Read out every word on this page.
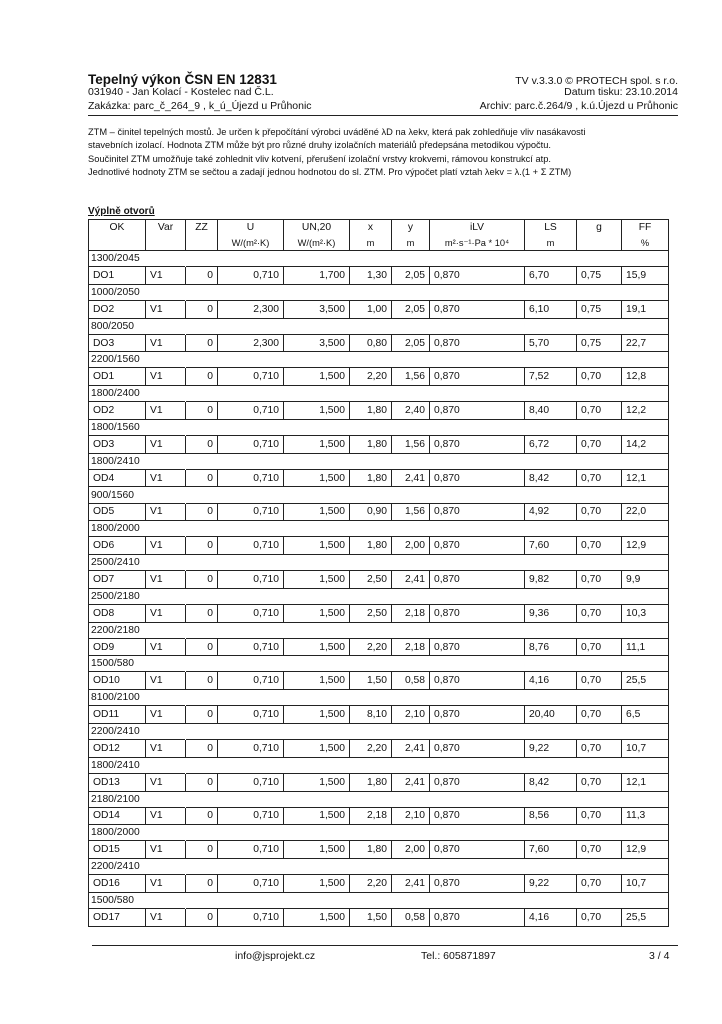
Tepelný výkon ČSN EN 12831	TV v.3.3.0 © PROTECH spol. s r.o.
031940 - Jan Kolací - Kostelec nad Č.L.	Datum tisku: 23.10.2014
Zakázka: parc_č_264_9 , k_ú_Újezd u Průhonic	Archiv: parc.č.264/9 , k.ú.Újezd u Průhonic

ZTM – činitel tepelných mostů. Je určen k přepočítání výrobci uváděné λD na λekv, která pak zohledňuje vliv nasákavosti

stavebních izolací. Hodnota ZTM může být pro různé druhy izolačních materiálů předepsána metodikou výpočtu.

Součinitel ZTM umožňuje také zohlednit vliv kotvení, přerušení izolační vrstvy krokvemi, rámovou konstrukcí atp.

Jednotlivé hodnoty ZTM se sečtou a zadají jednou hodnotou do sl. ZTM. Pro výpočet platí vztah λekv = λ.(1 + Σ ZTM)

Výplně otvorů
OK	Var	ZZ	U	UN,20	x	y	iLV	LS	g	FF
			W/(m²·K)	W/(m²·K)	m	m	m²·s⁻¹·Pa * 10⁴	m		%
1300/2045										
DO1	V1	0	0,710	1,700	1,30	2,05	0,870	6,70	0,75	15,9
1000/2050										
DO2	V1	0	2,300	3,500	1,00	2,05	0,870	6,10	0,75	19,1
800/2050										
DO3	V1	0	2,300	3,500	0,80	2,05	0,870	5,70	0,75	22,7
2200/1560										
OD1	V1	0	0,710	1,500	2,20	1,56	0,870	7,52	0,70	12,8
1800/2400										
OD2	V1	0	0,710	1,500	1,80	2,40	0,870	8,40	0,70	12,2
1800/1560										
OD3	V1	0	0,710	1,500	1,80	1,56	0,870	6,72	0,70	14,2
1800/2410										
OD4	V1	0	0,710	1,500	1,80	2,41	0,870	8,42	0,70	12,1
900/1560										
OD5	V1	0	0,710	1,500	0,90	1,56	0,870	4,92	0,70	22,0
1800/2000										
OD6	V1	0	0,710	1,500	1,80	2,00	0,870	7,60	0,70	12,9
2500/2410										
OD7	V1	0	0,710	1,500	2,50	2,41	0,870	9,82	0,70	9,9
2500/2180										
OD8	V1	0	0,710	1,500	2,50	2,18	0,870	9,36	0,70	10,3
2200/2180										
OD9	V1	0	0,710	1,500	2,20	2,18	0,870	8,76	0,70	11,1
1500/580										
OD10	V1	0	0,710	1,500	1,50	0,58	0,870	4,16	0,70	25,5
8100/2100										
OD11	V1	0	0,710	1,500	8,10	2,10	0,870	20,40	0,70	6,5
2200/2410										
OD12	V1	0	0,710	1,500	2,20	2,41	0,870	9,22	0,70	10,7
1800/2410										
OD13	V1	0	0,710	1,500	1,80	2,41	0,870	8,42	0,70	12,1
2180/2100										
OD14	V1	0	0,710	1,500	2,18	2,10	0,870	8,56	0,70	11,3
1800/2000										
OD15	V1	0	0,710	1,500	1,80	2,00	0,870	7,60	0,70	12,9
2200/2410										
OD16	V1	0	0,710	1,500	2,20	2,41	0,870	9,22	0,70	10,7
1500/580										
OD17	V1	0	0,710	1,500	1,50	0,58	0,870	4,16	0,70	25,5
info@jsprojekt.cz	Tel.: 605871897	3 / 4
